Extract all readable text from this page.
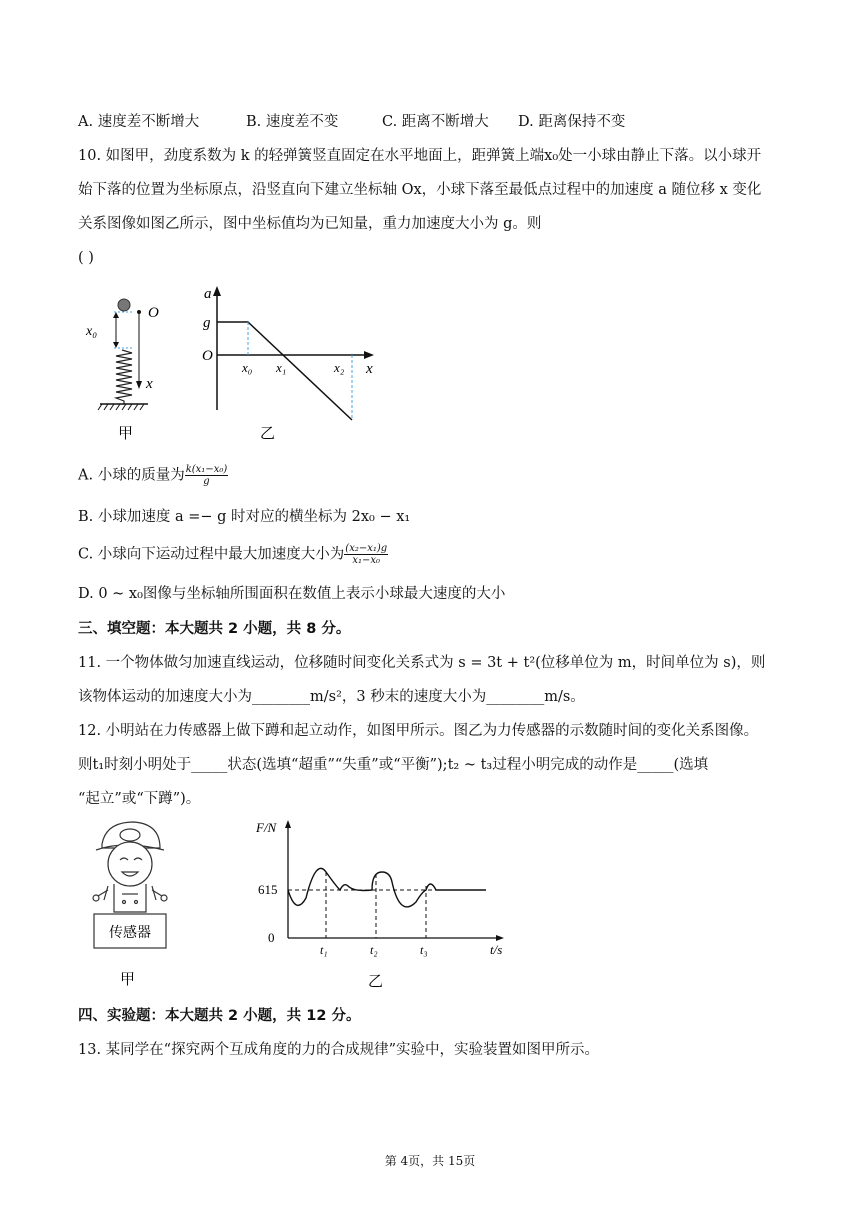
A. 速度差不断增大	B. 速度差不变	C. 距离不断增大 D. 距离保持不变
10. 如图甲，劲度系数为 k 的轻弹簧竖直固定在水平地面上，距弹簧上端x₀处一小球由静止下落。以小球开
始下落的位置为坐标原点，沿竖直向下建立坐标轴 Ox，小球下落至最低点过程中的加速度 a 随位移 x 变化
关系图像如图乙所示，图中坐标值均为已知量，重力加速度大小为 g。则
( )
x₀
O
x
甲
a
g
O
x₀ x₁	x₂ x
乙
A. 小球的质量为 $\frac{\text{k(x₁−x₀)}}{g}$
B. 小球加速度 a =− g 时对应的横坐标为 2x₀ − x₁
C. 小球向下运动过程中最大加速度大小为 $\frac{\text{(x₂−x₁)g}}{\text{x₁−x₀}}$
D. 0 ~ x₀图像与坐标轴所围面积在数值上表示小球最大速度的大小
三、填空题：本大题共 2 小题，共 8 分。
11. 一个物体做匀加速直线运动，位移随时间变化关系式为 s = 3t + t²(位移单位为 m，时间单位为 s)，则
该物体运动的加速度大小为________m/s²，3 秒末的速度大小为________m/s。
12. 小明站在力传感器上做下蹲和起立动作，如图甲所示。图乙为力传感器的示数随时间的变化关系图像。
则t₁时刻小明处于_____状态(选填“超重”“失重”或“平衡”);t₂ ~ t₃过程小明完成的动作是_____(选填
“起立”或“下蹲”)。
传感器
甲
F/N
615
0
t₁	t₂	t₃	t/s
乙
四、实验题：本大题共 2 小题，共 12 分。
13. 某同学在“探究两个互成角度的力的合成规律”实验中，实验装置如图甲所示。
第 4页，共 15页
